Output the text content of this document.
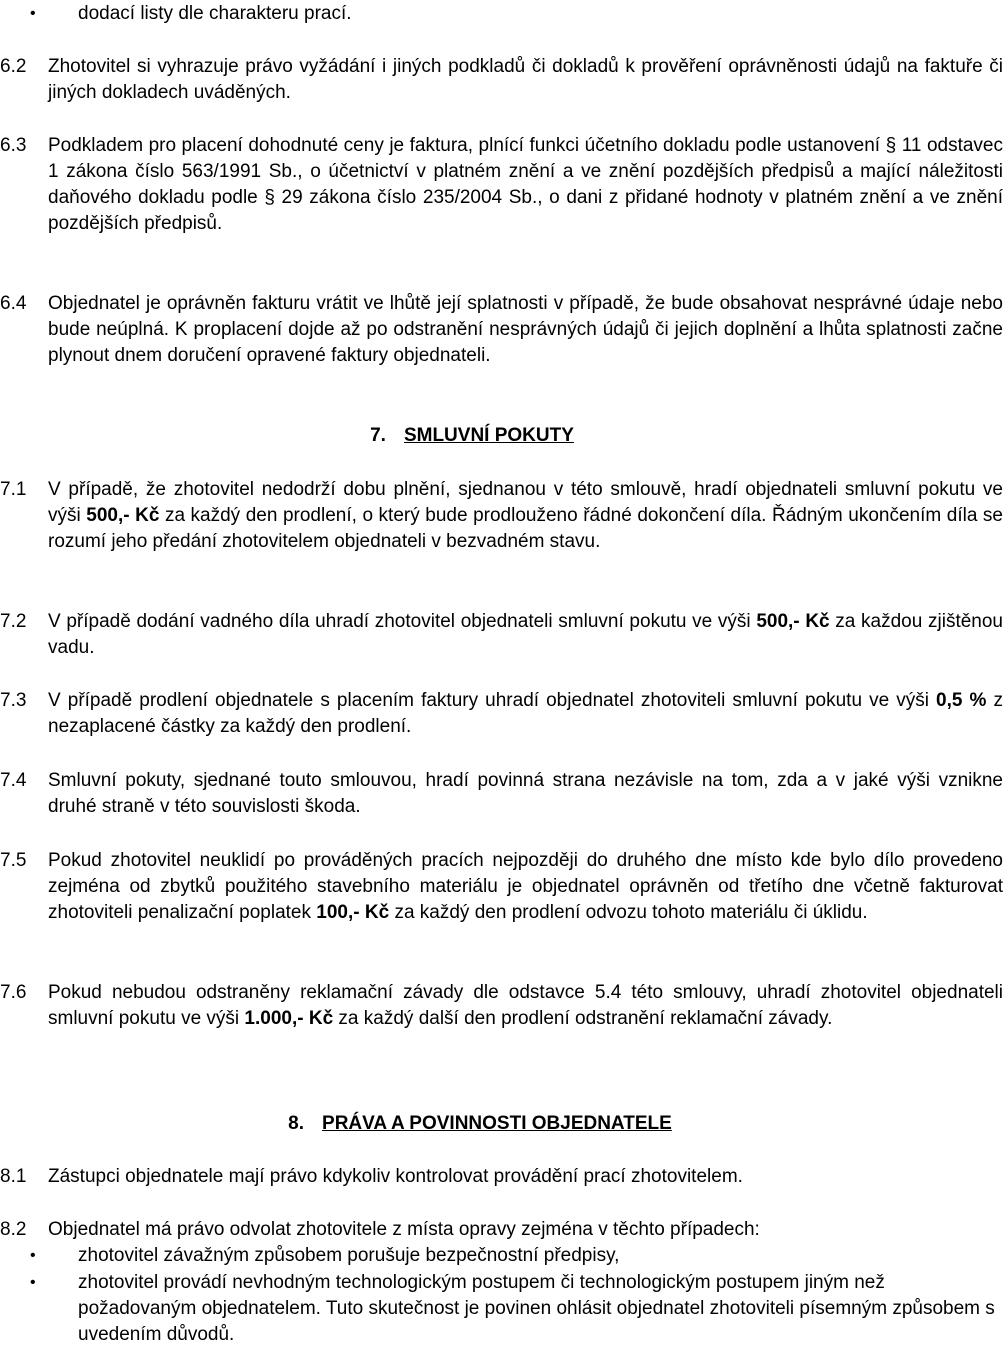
• dodací listy dle charakteru prací.

6.2 Zhotovitel si vyhrazuje právo vyžádání i jiných podkladů či dokladů k prověření oprávněnosti údajů na faktuře či jiných dokladech uváděných.

6.3 Podkladem pro placení dohodnuté ceny je faktura, plnící funkci účetního dokladu podle ustanovení § 11 odstavec 1 zákona číslo 563/1991 Sb., o účetnictví v platném znění a ve znění pozdějších předpisů a mající náležitosti daňového dokladu podle § 29 zákona číslo 235/2004 Sb., o dani z přidané hodnoty v platném znění a ve znění pozdějších předpisů.

6.4 Objednatel je oprávněn fakturu vrátit ve lhůtě její splatnosti v případě, že bude obsahovat nesprávné údaje nebo bude neúplná. K proplacení dojde až po odstranění nesprávných údajů či jejich doplnění a lhůta splatnosti začne plynout dnem doručení opravené faktury objednateli.

7. SMLUVNÍ POKUTY

7.1 V případě, že zhotovitel nedodrží dobu plnění, sjednanou v této smlouvě, hradí objednateli smluvní pokutu ve výši 500,- Kč za každý den prodlení, o který bude prodlouženo řádné dokončení díla. Řádným ukončením díla se rozumí jeho předání zhotovitelem objednateli v bezvadném stavu.

7.2 V případě dodání vadného díla uhradí zhotovitel objednateli smluvní pokutu ve výši 500,- Kč za každou zjištěnou vadu.

7.3 V případě prodlení objednatele s placením faktury uhradí objednatel zhotoviteli smluvní pokutu ve výši 0,5 % z nezaplacené částky za každý den prodlení.

7.4 Smluvní pokuty, sjednané touto smlouvou, hradí povinná strana nezávisle na tom, zda a v jaké výši vznikne druhé straně v této souvislosti škoda.

7.5 Pokud zhotovitel neuklidí po prováděných pracích nejpozději do druhého dne místo kde bylo dílo provedeno zejména od zbytků použitého stavebního materiálu je objednatel oprávněn od třetího dne včetně fakturovat zhotoviteli penalizační poplatek 100,- Kč za každý den prodlení odvozu tohoto materiálu či úklidu.

7.6 Pokud nebudou odstraněny reklamační závady dle odstavce 5.4 této smlouvy, uhradí zhotovitel objednateli smluvní pokutu ve výši 1.000,- Kč za každý další den prodlení odstranění reklamační závady.

8. PRÁVA A POVINNOSTI OBJEDNATELE

8.1 Zástupci objednatele mají právo kdykoliv kontrolovat provádění prací zhotovitelem.

8.2 Objednatel má právo odvolat zhotovitele z místa opravy zejména v těchto případech:

• zhotovitel závažným způsobem porušuje bezpečnostní předpisy,
• zhotovitel provádí nevhodným technologickým postupem či technologickým postupem jiným než požadovaným objednatelem. Tuto skutečnost je povinen ohlásit objednatel zhotoviteli písemným způsobem s uvedením důvodů.
